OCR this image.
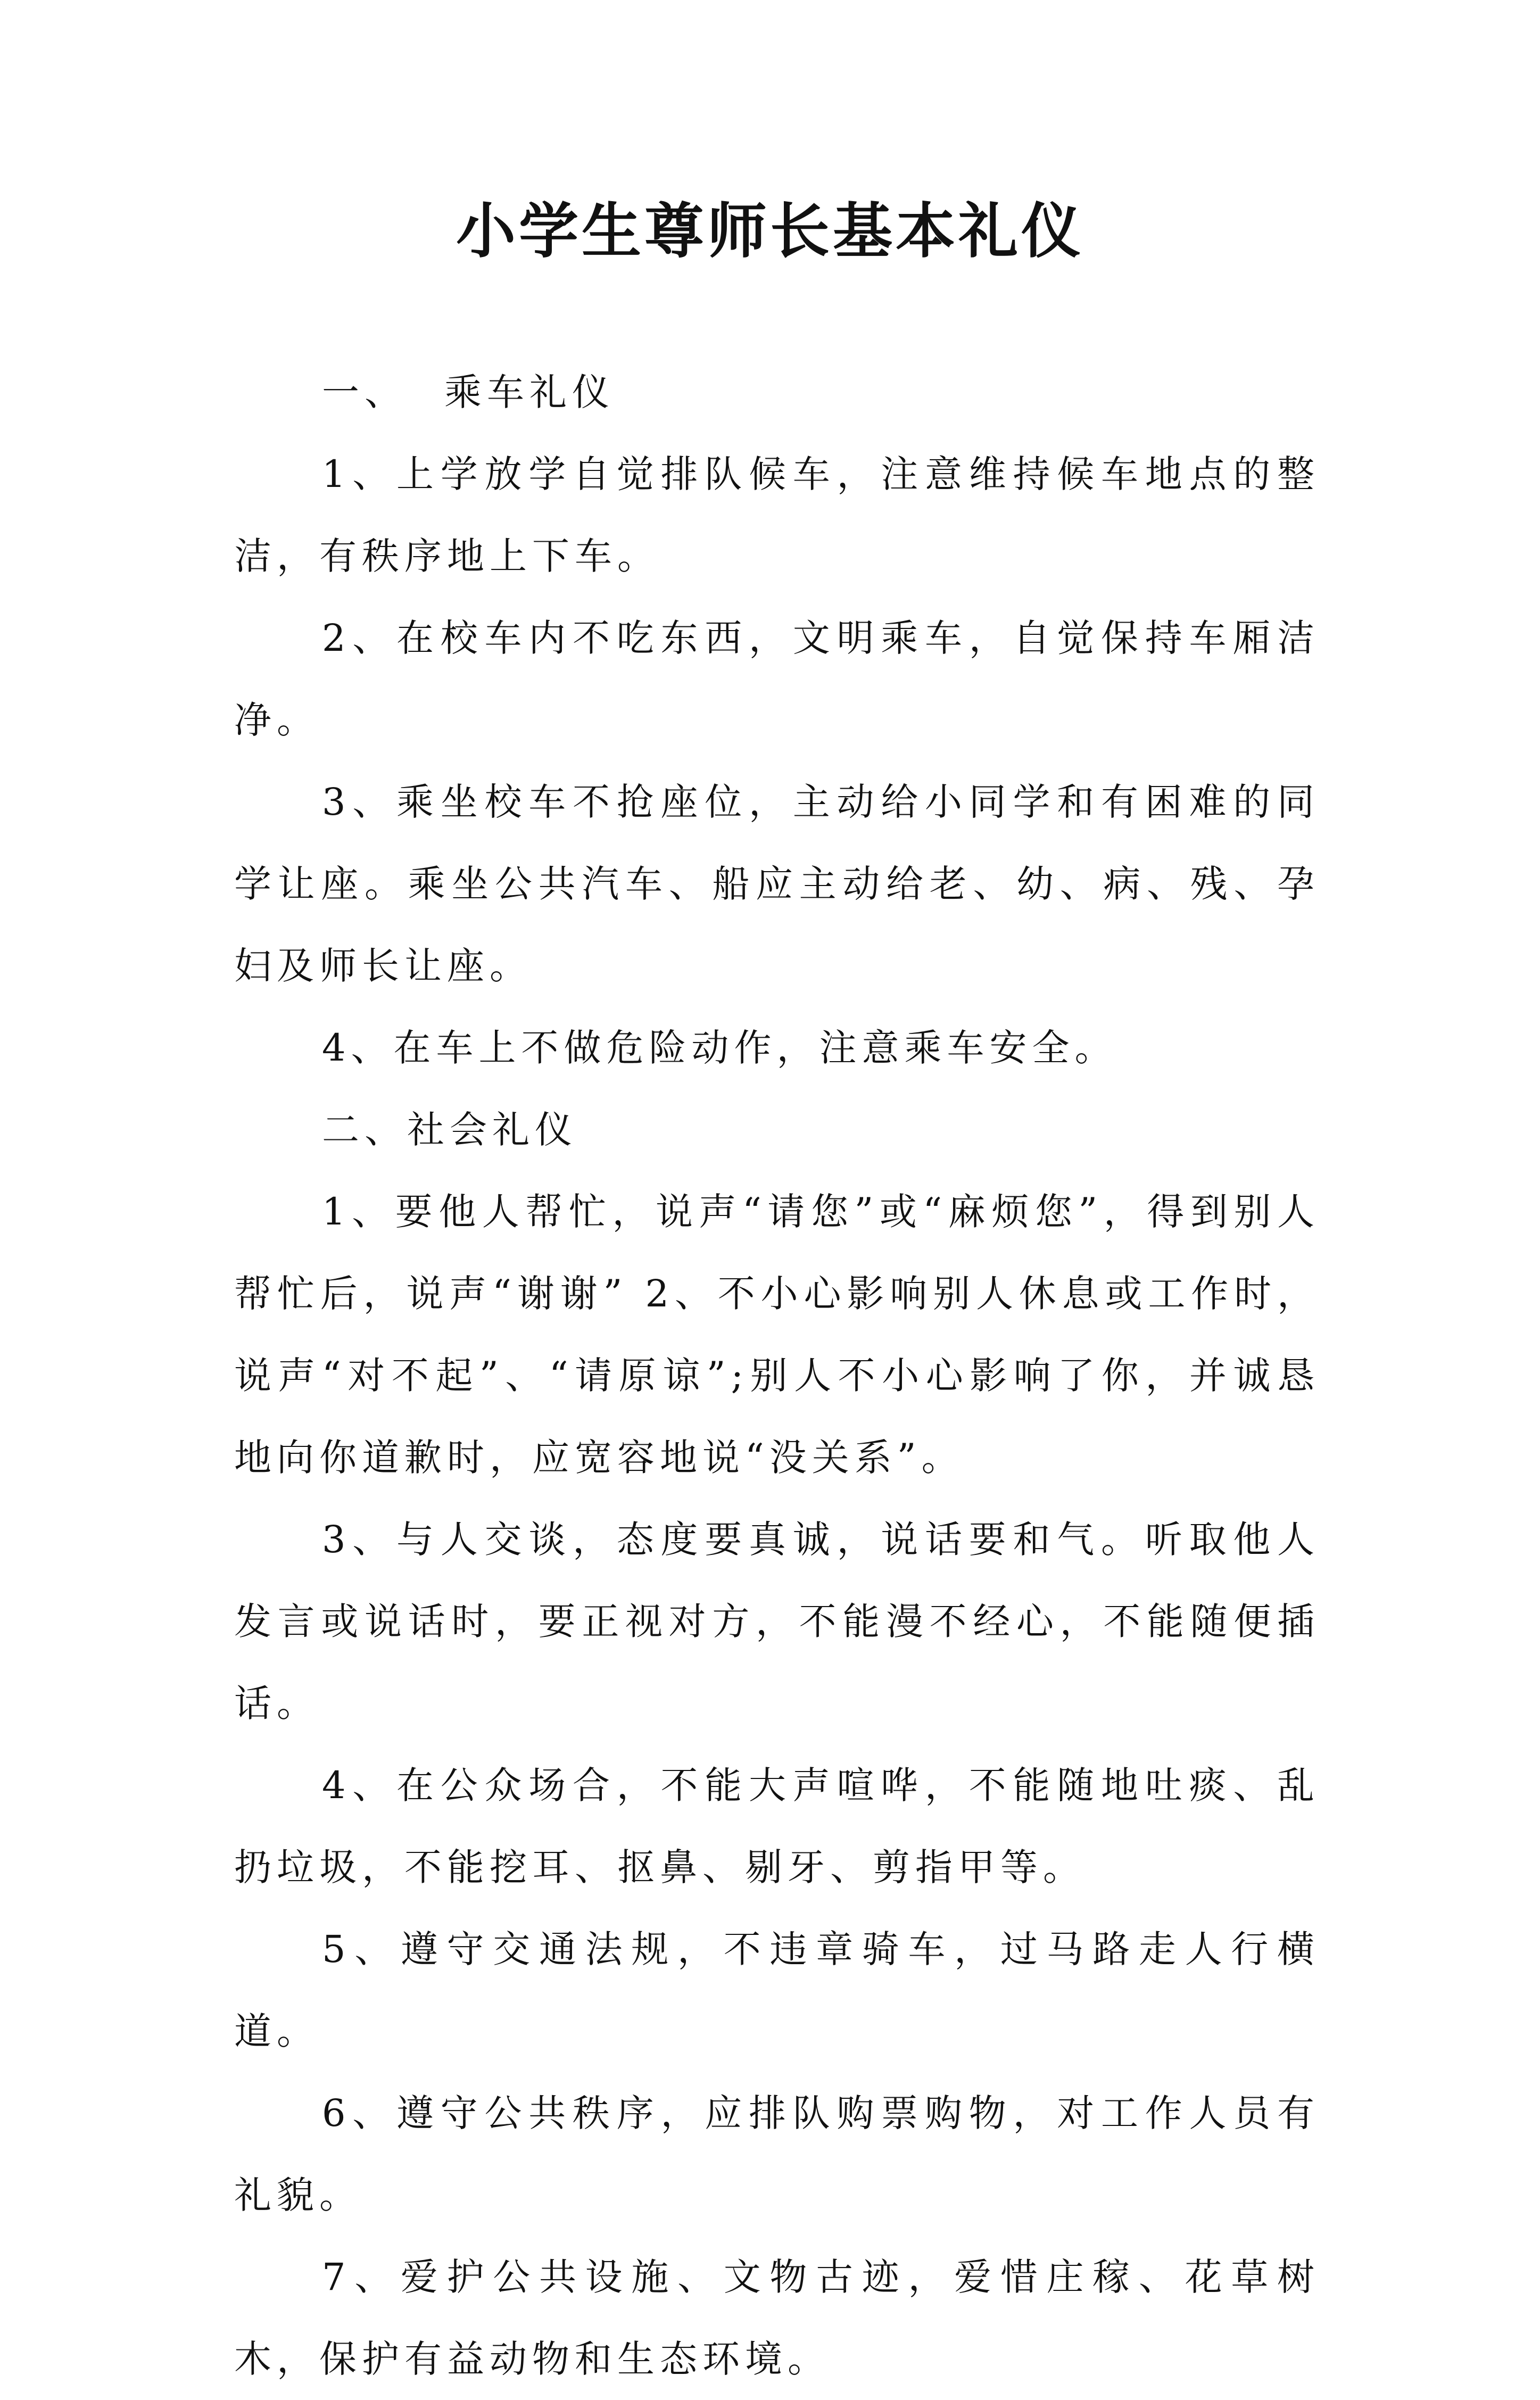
小学生尊师长基本礼仪

一、 乘车礼仪

1、上学放学自觉排队候车，注意维持候车地点的整洁，有秩序地上下车。

2、在校车内不吃东西，文明乘车，自觉保持车厢洁净。

3、乘坐校车不抢座位，主动给小同学和有困难的同学让座。乘坐公共汽车、船应主动给老、幼、病、残、孕妇及师长让座。

4、在车上不做危险动作，注意乘车安全。

二、社会礼仪

1、要他人帮忙，说声“请您”或“麻烦您”，得到别人帮忙后，说声“谢谢” 2、不小心影响别人休息或工作时，说声“对不起”、“请原谅”;别人不小心影响了你，并诚恳地向你道歉时，应宽容地说“没关系”。

3、与人交谈，态度要真诚，说话要和气。听取他人发言或说话时，要正视对方，不能漫不经心，不能随便插话。

4、在公众场合，不能大声喧哗，不能随地吐痰、乱扔垃圾，不能挖耳、抠鼻、剔牙、剪指甲等。

5、遵守交通法规，不违章骑车，过马路走人行横道。

6、遵守公共秩序，应排队购票购物，对工作人员有礼貌。

7、爱护公共设施、文物古迹，爱惜庄稼、花草树木，保护有益动物和生态环境。
